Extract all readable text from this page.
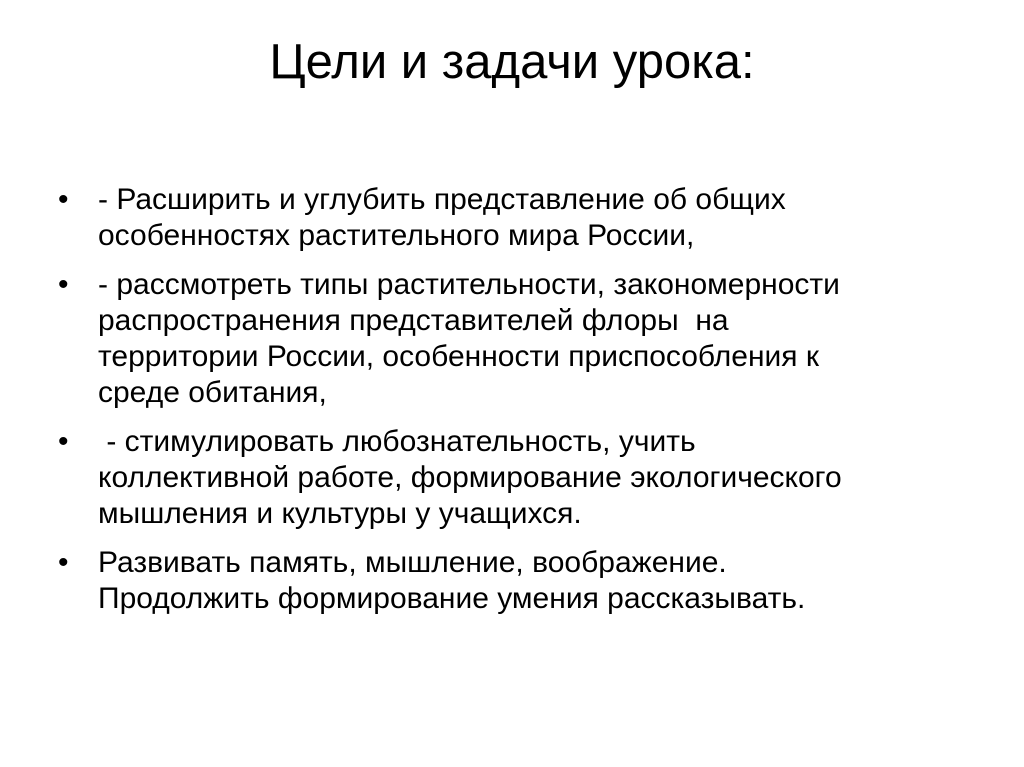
Цели и задачи урока:
• - Расширить и углубить представление об общих
особенностях растительного мира России,
• - рассмотреть типы растительности, закономерности
распространения представителей флоры  на
территории России, особенности приспособления к
среде обитания,
• - стимулировать любознательность, учить
коллективной работе, формирование экологического
мышления и культуры у учащихся.
• Развивать память, мышление, воображение.
Продолжить формирование умения рассказывать.
